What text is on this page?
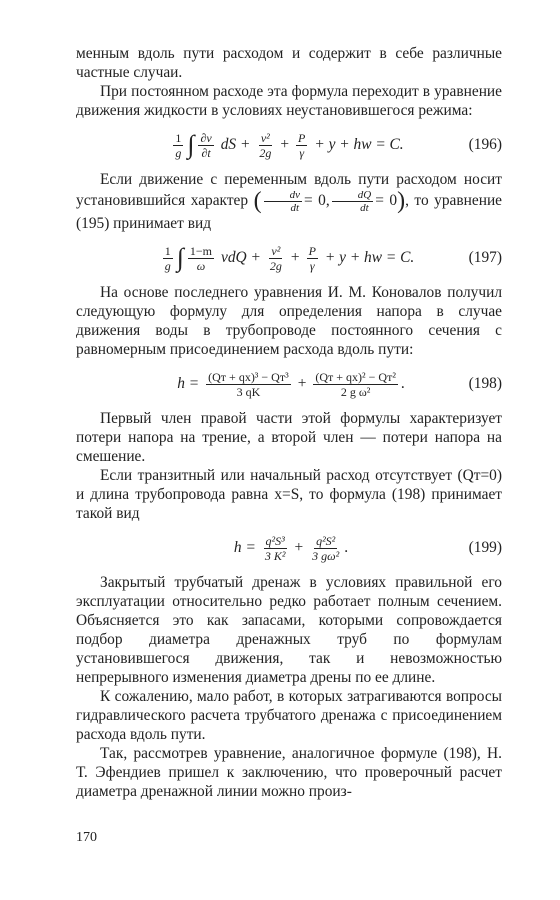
менным вдоль пути расходом и содержит в себе различные частные случаи.

При постоянном расходе эта формула переходит в уравнение движения жидкости в условиях неустановившегося режима:

$\frac{1}{g}$ ∫ $\frac{\partial v}{\partial t}$ dS + $\frac{\text{v²}}{2g} + \frac{P}{\gamma} + y$ + hw = C.	(196)

Если движение с переменным вдоль пути расходом носит установившийся характер ( $\frac{dv}{dt} = 0$, $\frac{dQ}{dt} = 0$), то уравнение (195) принимает вид

$\frac{1}{g}$ ∫ $\frac{1-m}{\omega}$ vdQ + $\frac{\text{v²}}{2g} + \frac{P}{\gamma} + y$ + hw = C.	(197)

На основе последнего уравнения И. М. Коновалов получил следующую формулу для определения напора в случае движения воды в трубопроводе постоянного сечения с равномерным присоединением расхода вдоль пути:

$h = \frac{\text{(Qт + qx)³ − Qт³}}{3 qK} + \frac{\text{(Qт + qx)² − Qт²}}{\text{2 g ω²}}$ .	(198)

Первый член правой части этой формулы характеризует потери напора на трение, а второй член — потери напора на смешение.

Если транзитный или начальный расход отсутствует (Qт=0) и длина трубопровода равна x=S, то формула (198) принимает такой вид

$h = \frac{\text{q²S³}}{\text{3 K²}} + \frac{\text{q²S²}}{\text{3 gω²}}$ .	(199)

Закрытый трубчатый дренаж в условиях правильной его эксплуатации относительно редко работает полным сечением. Объясняется это как запасами, которыми сопровождается подбор диаметра дренажных труб по формулам установившегося движения, так и невозможностью непрерывного изменения диаметра дрены по ее длине.

К сожалению, мало работ, в которых затрагиваются вопросы гидравлического расчета трубчатого дренажа с присоединением расхода вдоль пути.

Так, рассмотрев уравнение, аналогичное формуле (198), Н. Т. Эфендиев пришел к заключению, что проверочный расчет диаметра дренажной линии можно произ-

170
